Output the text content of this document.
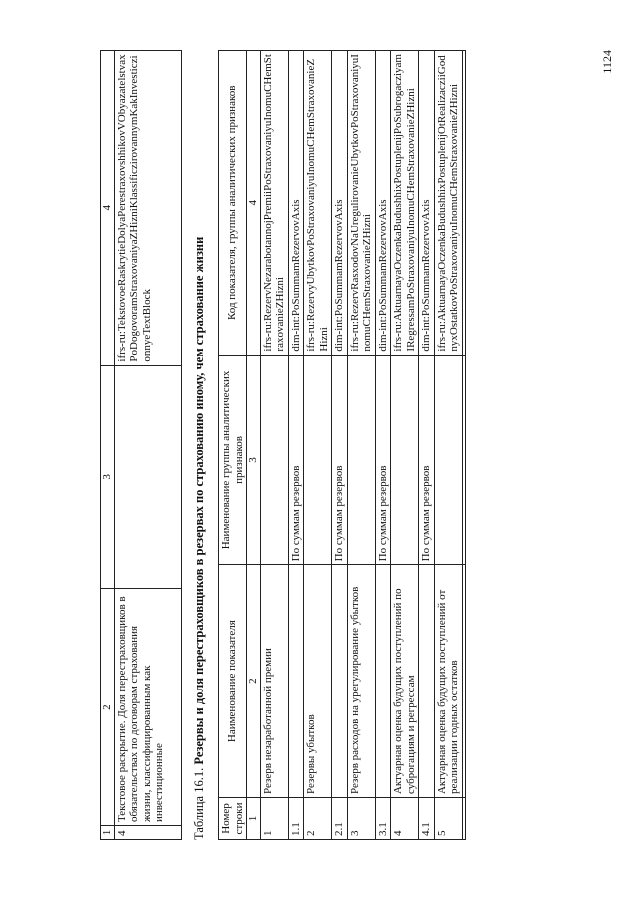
1	2	3	4
4	Текстовое раскрытие. Доля перестраховщиков в обязательствах по договорам страхования жизни, классифицированным как инвестиционные		ifrs-ru:TekstovoeRaskrytieDolyaPerestraxovshhikovVObyazatelstvaxPoDogovoramStraxovaniyaZHizniKlassificzirovannymKakInvesticzionnyeTextBlock
Таблица 16.1. Резервы и доля перестраховщиков в резервах по страхованию иному, чем страхование жизни
Номер строки	Наименование показателя	Наименование группы аналитических признаков	Код показателя, группы аналитических признаков
1	2	3	4
1	Резерв незаработанной премии		ifrs-ru:RezervNezarabotannojPremiiPoStraxovaniyuInomuCHemStraxovanieZHizni
1.1		По суммам резервов	dim-int:PoSummamRezervovAxis
2	Резервы убытков		ifrs-ru:RezervyUbytkovPoStraxovaniyuInomuCHemStraxovanieZHizni
2.1		По суммам резервов	dim-int:PoSummamRezervovAxis
3	Резерв расходов на урегулирование убытков		ifrs-ru:RezervRasxodovNaUregulirovanieUbytkovPoStraxovaniyuInomuCHemStraxovanieZHizni
3.1		По суммам резервов	dim-int:PoSummamRezervovAxis
4	Актуарная оценка будущих поступлений по суброгациям и регрессам		ifrs-ru:AktuarnayaOczenkaBudushhixPostuplenijPoSubrogacziyamIRegressamPoStraxovaniyuInomuCHemStraxovanieZHizni
4.1		По суммам резервов	dim-int:PoSummamRezervovAxis
5	Актуарная оценка будущих поступлений от реализации годных остатков		ifrs-ru:AktuarnayaOczenkaBudushhixPostuplenijOtRealizacziiGodnyxOstatkovPoStraxovaniyuInomuCHemStraxovanieZHizni

1124
